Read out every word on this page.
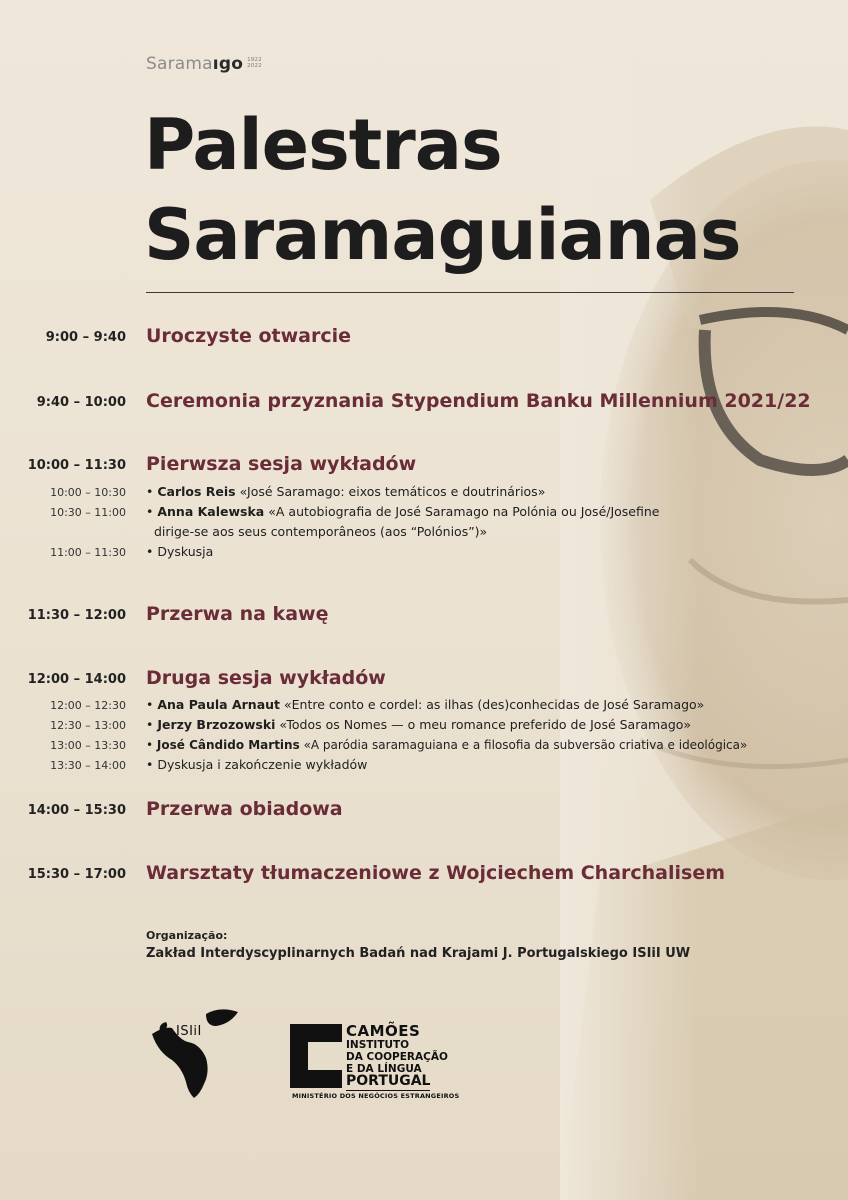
Saramaıgo 1922
2022
Palestras
Saramaguianas
9:00 – 9:40 Uroczyste otwarcie
9:40 – 10:00 Ceremonia przyznania Stypendium Banku Millennium 2021/22
10:00 – 11:30 Pierwsza sesja wykładów
10:00 – 10:30 • Carlos Reis «José Saramago: eixos temáticos e doutrinários»
10:30 – 11:00 • Anna Kalewska «A autobiografia de José Saramago na Polónia ou José/Josefine
dirige-se aos seus contemporâneos (aos “Polónios”)»
11:00 – 11:30 • Dyskusja
11:30 – 12:00 Przerwa na kawę
12:00 – 14:00 Druga sesja wykładów
12:00 – 12:30 • Ana Paula Arnaut «Entre conto e cordel: as ilhas (des)conhecidas de José Saramago»
12:30 – 13:00 • Jerzy Brzozowski «Todos os Nomes — o meu romance preferido de José Saramago»
13:00 – 13:30 • José Cândido Martins «A paródia saramaguiana e a filosofia da subversão criativa e ideológica»
13:30 – 14:00 • Dyskusja i zakończenie wykładów
14:00 – 15:30 Przerwa obiadowa
15:30 – 17:00 Warsztaty tłumaczeniowe z Wojciechem Charchalisem
Organização:
Zakład Interdyscyplinarnych Badań nad Krajami J. Portugalskiego ISIiI UW
ISIiI	CAMÕES
INSTITUTO
DA COOPERAÇÃO
E DA LÍNGUA
PORTUGAL
MINISTÉRIO DOS NEGÓCIOS ESTRANGEIROS
